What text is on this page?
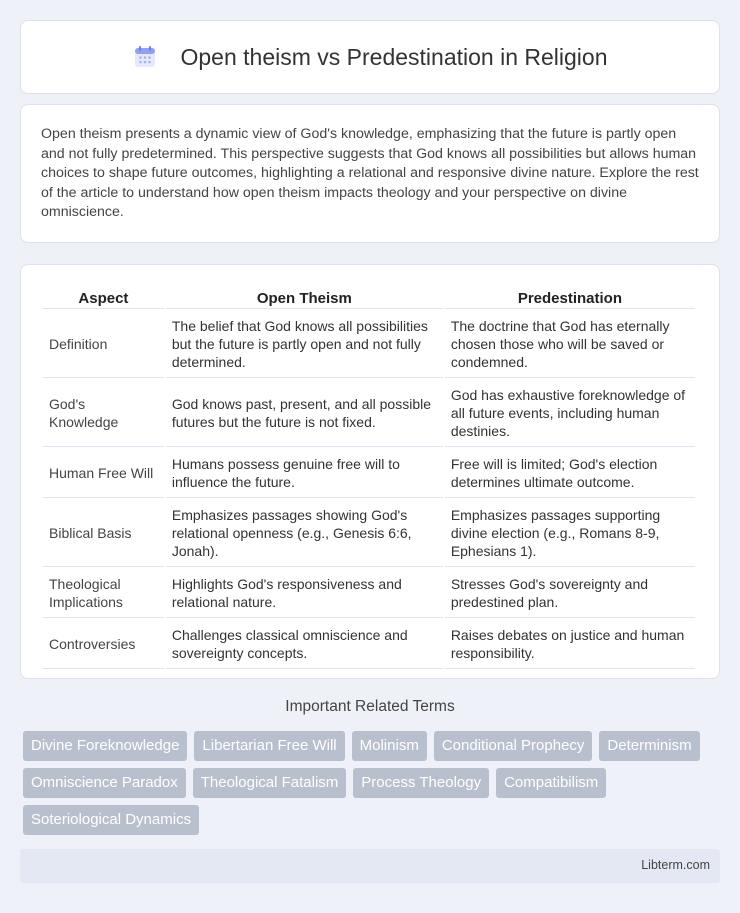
Open theism vs Predestination in Religion

Open theism presents a dynamic view of God's knowledge, emphasizing that the future is partly open and not fully predetermined. This perspective suggests that God knows all possibilities but allows human choices to shape future outcomes, highlighting a relational and responsive divine nature. Explore the rest of the article to understand how open theism impacts theology and your perspective on divine omniscience.

Aspect	Open Theism	Predestination
Definition	The belief that God knows all possibilities but the future is partly open and not fully determined.	The doctrine that God has eternally chosen those who will be saved or condemned.
God's Knowledge	God knows past, present, and all possible futures but the future is not fixed.	God has exhaustive foreknowledge of all future events, including human destinies.
Human Free Will	Humans possess genuine free will to influence the future.	Free will is limited; God's election determines ultimate outcome.
Biblical Basis	Emphasizes passages showing God's relational openness (e.g., Genesis 6:6, Jonah).	Emphasizes passages supporting divine election (e.g., Romans 8-9, Ephesians 1).
Theological Implications	Highlights God's responsiveness and relational nature.	Stresses God's sovereignty and predestined plan.
Controversies	Challenges classical omniscience and sovereignty concepts.	Raises debates on justice and human responsibility.
Important Related Terms
Divine Foreknowledge	Libertarian Free Will	Molinism	Conditional Prophecy	Determinism
Omniscience Paradox	Theological Fatalism	Process Theology	Compatibilism
Soteriological Dynamics
Libterm.com
